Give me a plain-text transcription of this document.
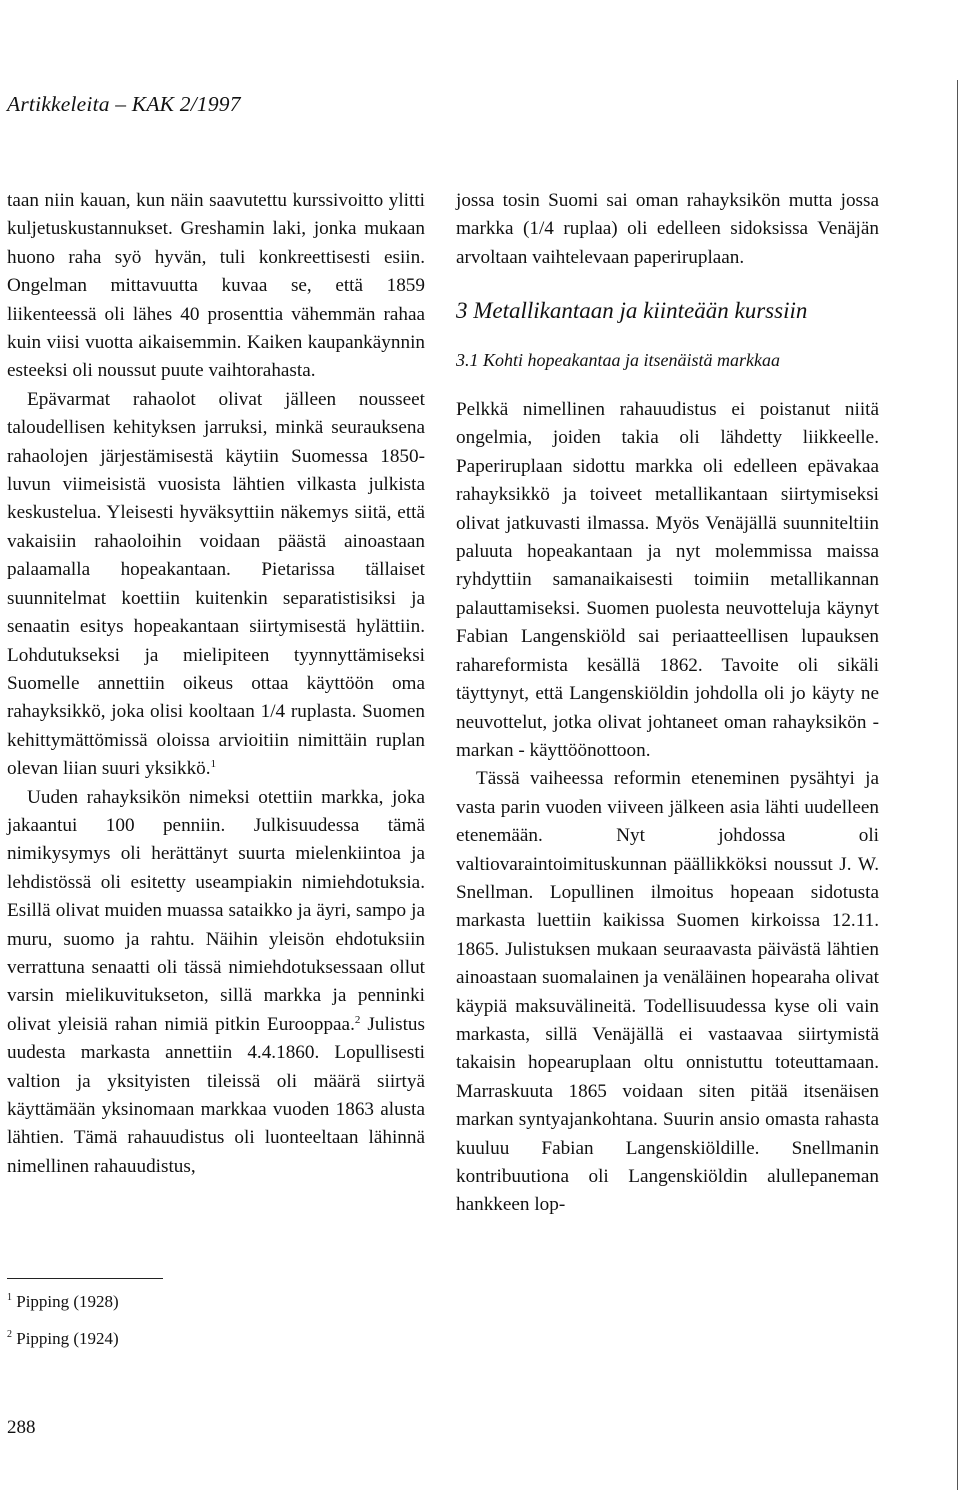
Artikkeleita – KAK 2/1997

taan niin kauan, kun näin saavutettu kurssivoitto ylitti kuljetuskustannukset. Greshamin laki, jonka mukaan huono raha syö hyvän, tuli konkreettisesti esiin. Ongelman mittavuutta kuvaa se, että 1859 liikenteessä oli lähes 40 prosenttia vähemmän rahaa kuin viisi vuotta aikaisemmin. Kaiken kaupankäynnin esteeksi oli noussut puute vaihtorahasta.

Epävarmat rahaolot olivat jälleen nousseet taloudellisen kehityksen jarruksi, minkä seurauksena rahaolojen järjestämisestä käytiin Suomessa 1850-luvun viimeisistä vuosista lähtien vilkasta julkista keskustelua. Yleisesti hyväksyttiin näkemys siitä, että vakaisiin rahaoloihin voidaan päästä ainoastaan palaamalla hopeakantaan. Pietarissa tällaiset suunnitelmat koettiin kuitenkin separatistisiksi ja senaatin esitys hopeakantaan siirtymisestä hylättiin. Lohdutukseksi ja mielipiteen tyynnyttämiseksi Suomelle annettiin oikeus ottaa käyttöön oma rahayksikkö, joka olisi kooltaan 1/4 ruplasta. Suomen kehittymättömissä oloissa arvioitiin nimittäin ruplan olevan liian suuri yksikkö.$^1$

Uuden rahayksikön nimeksi otettiin markka, joka jakaantui 100 penniin. Julkisuudessa tämä nimikysymys oli herättänyt suurta mielenkiintoa ja lehdistössä oli esitetty useampiakin nimiehdotuksia. Esillä olivat muiden muassa sataikko ja äyri, sampo ja muru, suomo ja rahtu. Näihin yleisön ehdotuksiin verrattuna senaatti oli tässä nimiehdotuksessaan ollut varsin mielikuvitukseton, sillä markka ja penninki olivat yleisiä rahan nimiä pitkin Eurooppaa.$^2$ Julistus uudesta markasta annettiin 4.4.1860. Lopullisesti valtion ja yksityisten tileissä oli määrä siirtyä käyttämään yksinomaan markkaa vuoden 1863 alusta lähtien. Tämä rahauudistus oli luonteeltaan lähinnä nimellinen rahauudistus,

$^1$ Pipping (1928)
$^2$ Pipping (1924)

jossa tosin Suomi sai oman rahayksikön mutta jossa markka (1/4 ruplaa) oli edelleen sidoksissa Venäjän arvoltaan vaihtelevaan paperiruplaan.

3 Metallikantaan ja kiinteään kurssiin

3.1 Kohti hopeakantaa ja itsenäistä markkaa

Pelkkä nimellinen rahauudistus ei poistanut niitä ongelmia, joiden takia oli lähdetty liikkeelle. Paperiruplaan sidottu markka oli edelleen epävakaa rahayksikkö ja toiveet metallikantaan siirtymiseksi olivat jatkuvasti ilmassa. Myös Venäjällä suunniteltiin paluuta hopeakantaan ja nyt molemmissa maissa ryhdyttiin samanaikaisesti toimiin metallikannan palauttamiseksi. Suomen puolesta neuvotteluja käynyt Fabian Langenskiöld sai periaatteellisen lupauksen rahareformista kesällä 1862. Tavoite oli sikäli täyttynyt, että Langenskiöldin johdolla oli jo käyty ne neuvottelut, jotka olivat johtaneet oman rahayksikön - markan - käyttöönottoon.

Tässä vaiheessa reformin eteneminen pysähtyi ja vasta parin vuoden viiveen jälkeen asia lähti uudelleen etenemään. Nyt johdossa oli valtiovaraintoimituskunnan päällikköksi noussut J. W. Snellman. Lopullinen ilmoitus hopeaan sidotusta markasta luettiin kaikissa Suomen kirkoissa 12.11. 1865. Julistuksen mukaan seuraavasta päivästä lähtien ainoastaan suomalainen ja venäläinen hopearaha olivat käypiä maksuvälineitä. Todellisuudessa kyse oli vain markasta, sillä Venäjällä ei vastaavaa siirtymistä takaisin hopearuplaan oltu onnistuttu toteuttamaan. Marraskuuta 1865 voidaan siten pitää itsenäisen markan syntyajankohtana. Suurin ansio omasta rahasta kuuluu Fabian Langenskiöldille. Snellmanin kontribuutiona oli Langenskiöldin alullepaneman hankkeen lop-

288
